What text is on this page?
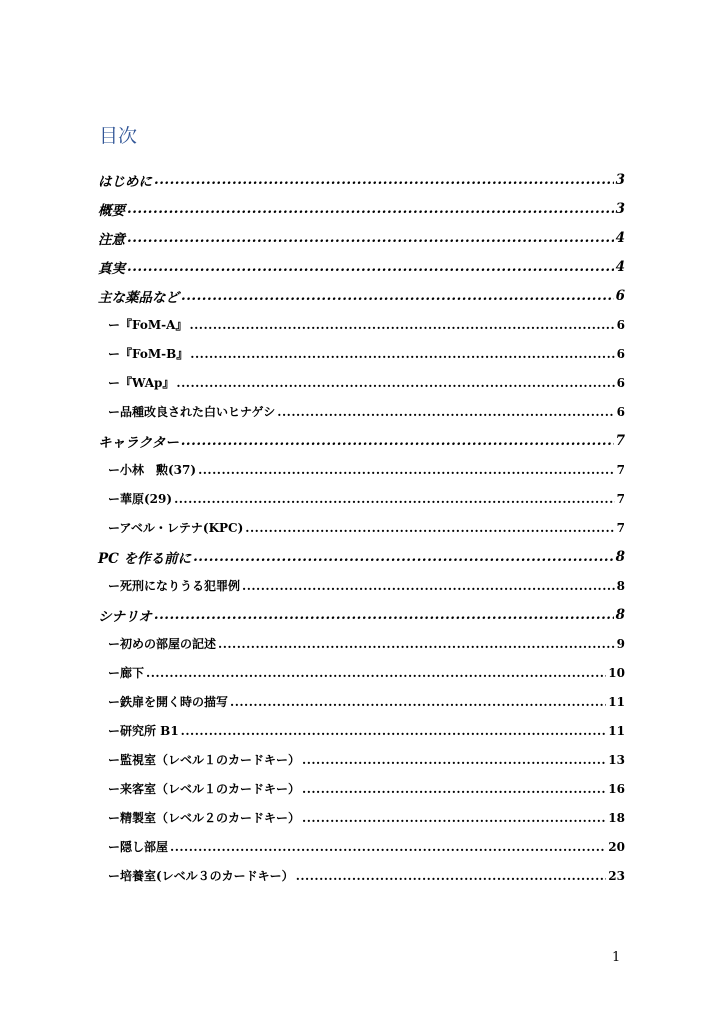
目次
はじめに .....	3
概要 .....	3
注意 .....	4
真実 .....	4
主な薬品など .....	6
ー『FoM-A』 .....	6
ー『FoM-B』 .....	6
ー『WAp』 .....	6
ー品種改良された白いヒナゲシ .....	6
キャラクター .....	7
ー小林　勲(37) .....	7
ー華原(29) .....	7
ーアベル・レテナ(KPC) .....	7
PC を作る前に .....	8
ー死刑になりうる犯罪例 .....	8
シナリオ .....	8
ー初めの部屋の記述 .....	9
ー廊下 .....	10
ー鉄扉を開く時の描写 .....	11
ー研究所 B1 .....	11
ー監視室（レベル１のカードキー） .....	13
ー来客室（レベル１のカードキー） .....	16
ー精製室（レベル２のカードキー） .....	18
ー隠し部屋 .....	20
ー培養室(レベル３のカードキー） .....	23
1
